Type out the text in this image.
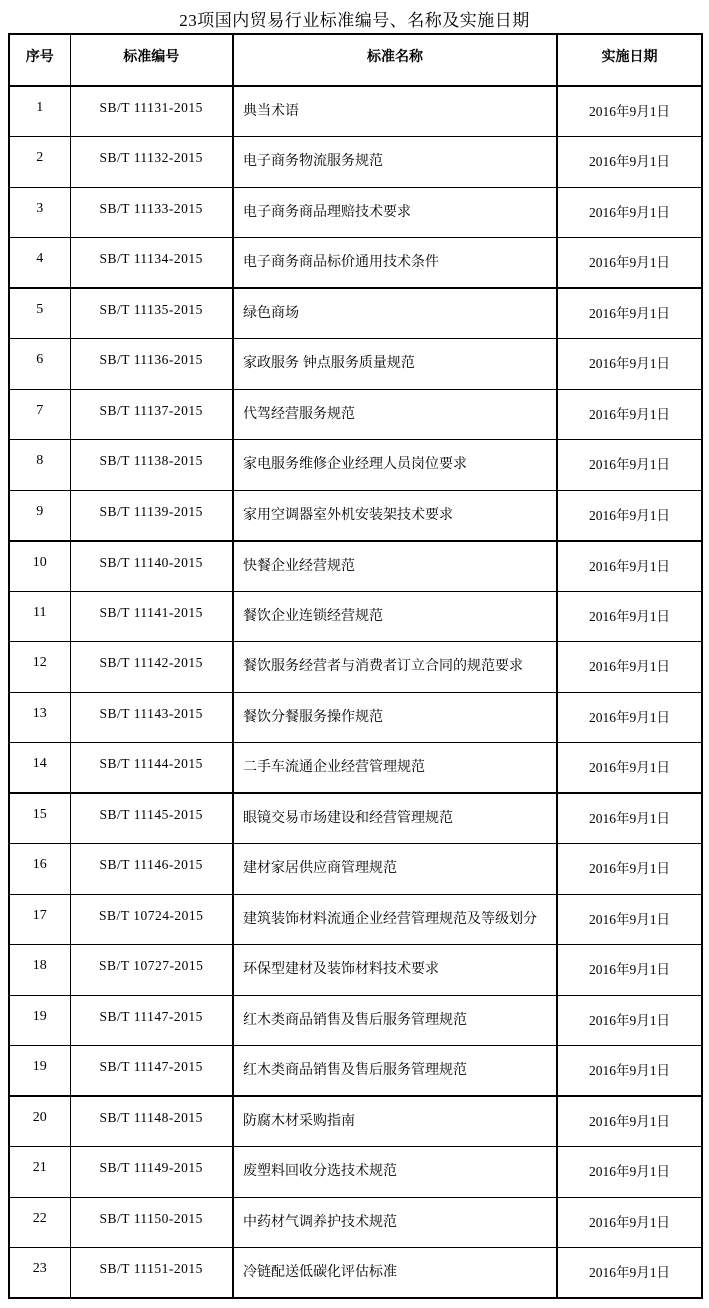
23项国内贸易行业标准编号、名称及实施日期
序号	标准编号	标准名称	实施日期
1	SB/T 11131-2015	典当术语	2016年9月1日
2	SB/T 11132-2015	电子商务物流服务规范	2016年9月1日
3	SB/T 11133-2015	电子商务商品理赔技术要求	2016年9月1日
4	SB/T 11134-2015	电子商务商品标价通用技术条件	2016年9月1日
5	SB/T 11135-2015	绿色商场	2016年9月1日
6	SB/T 11136-2015	家政服务 钟点服务质量规范	2016年9月1日
7	SB/T 11137-2015	代驾经营服务规范	2016年9月1日
8	SB/T 11138-2015	家电服务维修企业经理人员岗位要求	2016年9月1日
9	SB/T 11139-2015	家用空调器室外机安装架技术要求	2016年9月1日
10	SB/T 11140-2015	快餐企业经营规范	2016年9月1日
11	SB/T 11141-2015	餐饮企业连锁经营规范	2016年9月1日
12	SB/T 11142-2015	餐饮服务经营者与消费者订立合同的规范要求	2016年9月1日
13	SB/T 11143-2015	餐饮分餐服务操作规范	2016年9月1日
14	SB/T 11144-2015	二手车流通企业经营管理规范	2016年9月1日
15	SB/T 11145-2015	眼镜交易市场建设和经营管理规范	2016年9月1日
16	SB/T 11146-2015	建材家居供应商管理规范	2016年9月1日
17	SB/T 10724-2015	建筑装饰材料流通企业经营管理规范及等级划分	2016年9月1日
18	SB/T 10727-2015	环保型建材及装饰材料技术要求	2016年9月1日
19	SB/T 11147-2015	红木类商品销售及售后服务管理规范	2016年9月1日
19	SB/T 11147-2015	红木类商品销售及售后服务管理规范	2016年9月1日
20	SB/T 11148-2015	防腐木材采购指南	2016年9月1日
21	SB/T 11149-2015	废塑料回收分选技术规范	2016年9月1日
22	SB/T 11150-2015	中药材气调养护技术规范	2016年9月1日
23	SB/T 11151-2015	冷链配送低碳化评估标准	2016年9月1日
